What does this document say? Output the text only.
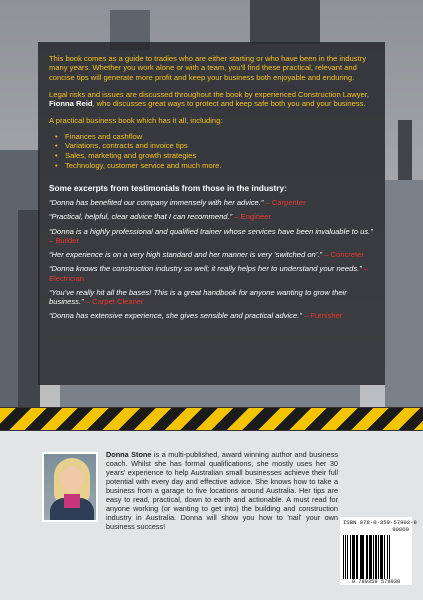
This book comes as a guide to tradies who are either starting or who have been in the industry many years. Whether you work alone or with a team, you'll find these practical, relevant and concise tips will generate more profit and keep your business both enjoyable and enduring.

Legal risks and issues are discussed throughout the book by experienced Construction Lawyer, Fionna Reid, who discusses great ways to protect and keep safe both you and your business.

A practical business book which has it all, including:

• Finances and cashflow
• Variations, contracts and invoice tips
• Sales, marketing and growth strategies
• Technology, customer service and much more.
Some excerpts from testimonials from those in the industry:
“Donna has benefited our company immensely with her advice.” – Carpenter
“Practical, helpful, clear advice that I can recommend.” – Engineer
“Donna is a highly professional and qualified trainer whose services have been invaluable to us.” – Builder
“Her experience is on a very high standard and her manner is very ‘switched on’.” – Concreter
“Donna knows the construction industry so well; it really helps her to understand your needs.” – Electrician
“You've really hit all the bases! This is a great handbook for anyone wanting to grow their business.” – Carpet Cleaner
“Donna has extensive experience, she gives sensible and practical advice.” – Furnisher
Donna Stone is a multi-published, award winning author and business coach. Whilst she has formal qualifications, she mostly uses her 30 years' experience to help Australian small businesses achieve their full potential with every day and effective advice. She knows how to take a business from a garage to five locations around Australia. Her tips are easy to read, practical, down to earth and actionable. A must read for anyone working (or wanting to get into) the building and construction industry in Australia. Donna will show you how to 'nail' your own business success!	ISBN 978-0-359-57993-8
90000
9 780359 579938
